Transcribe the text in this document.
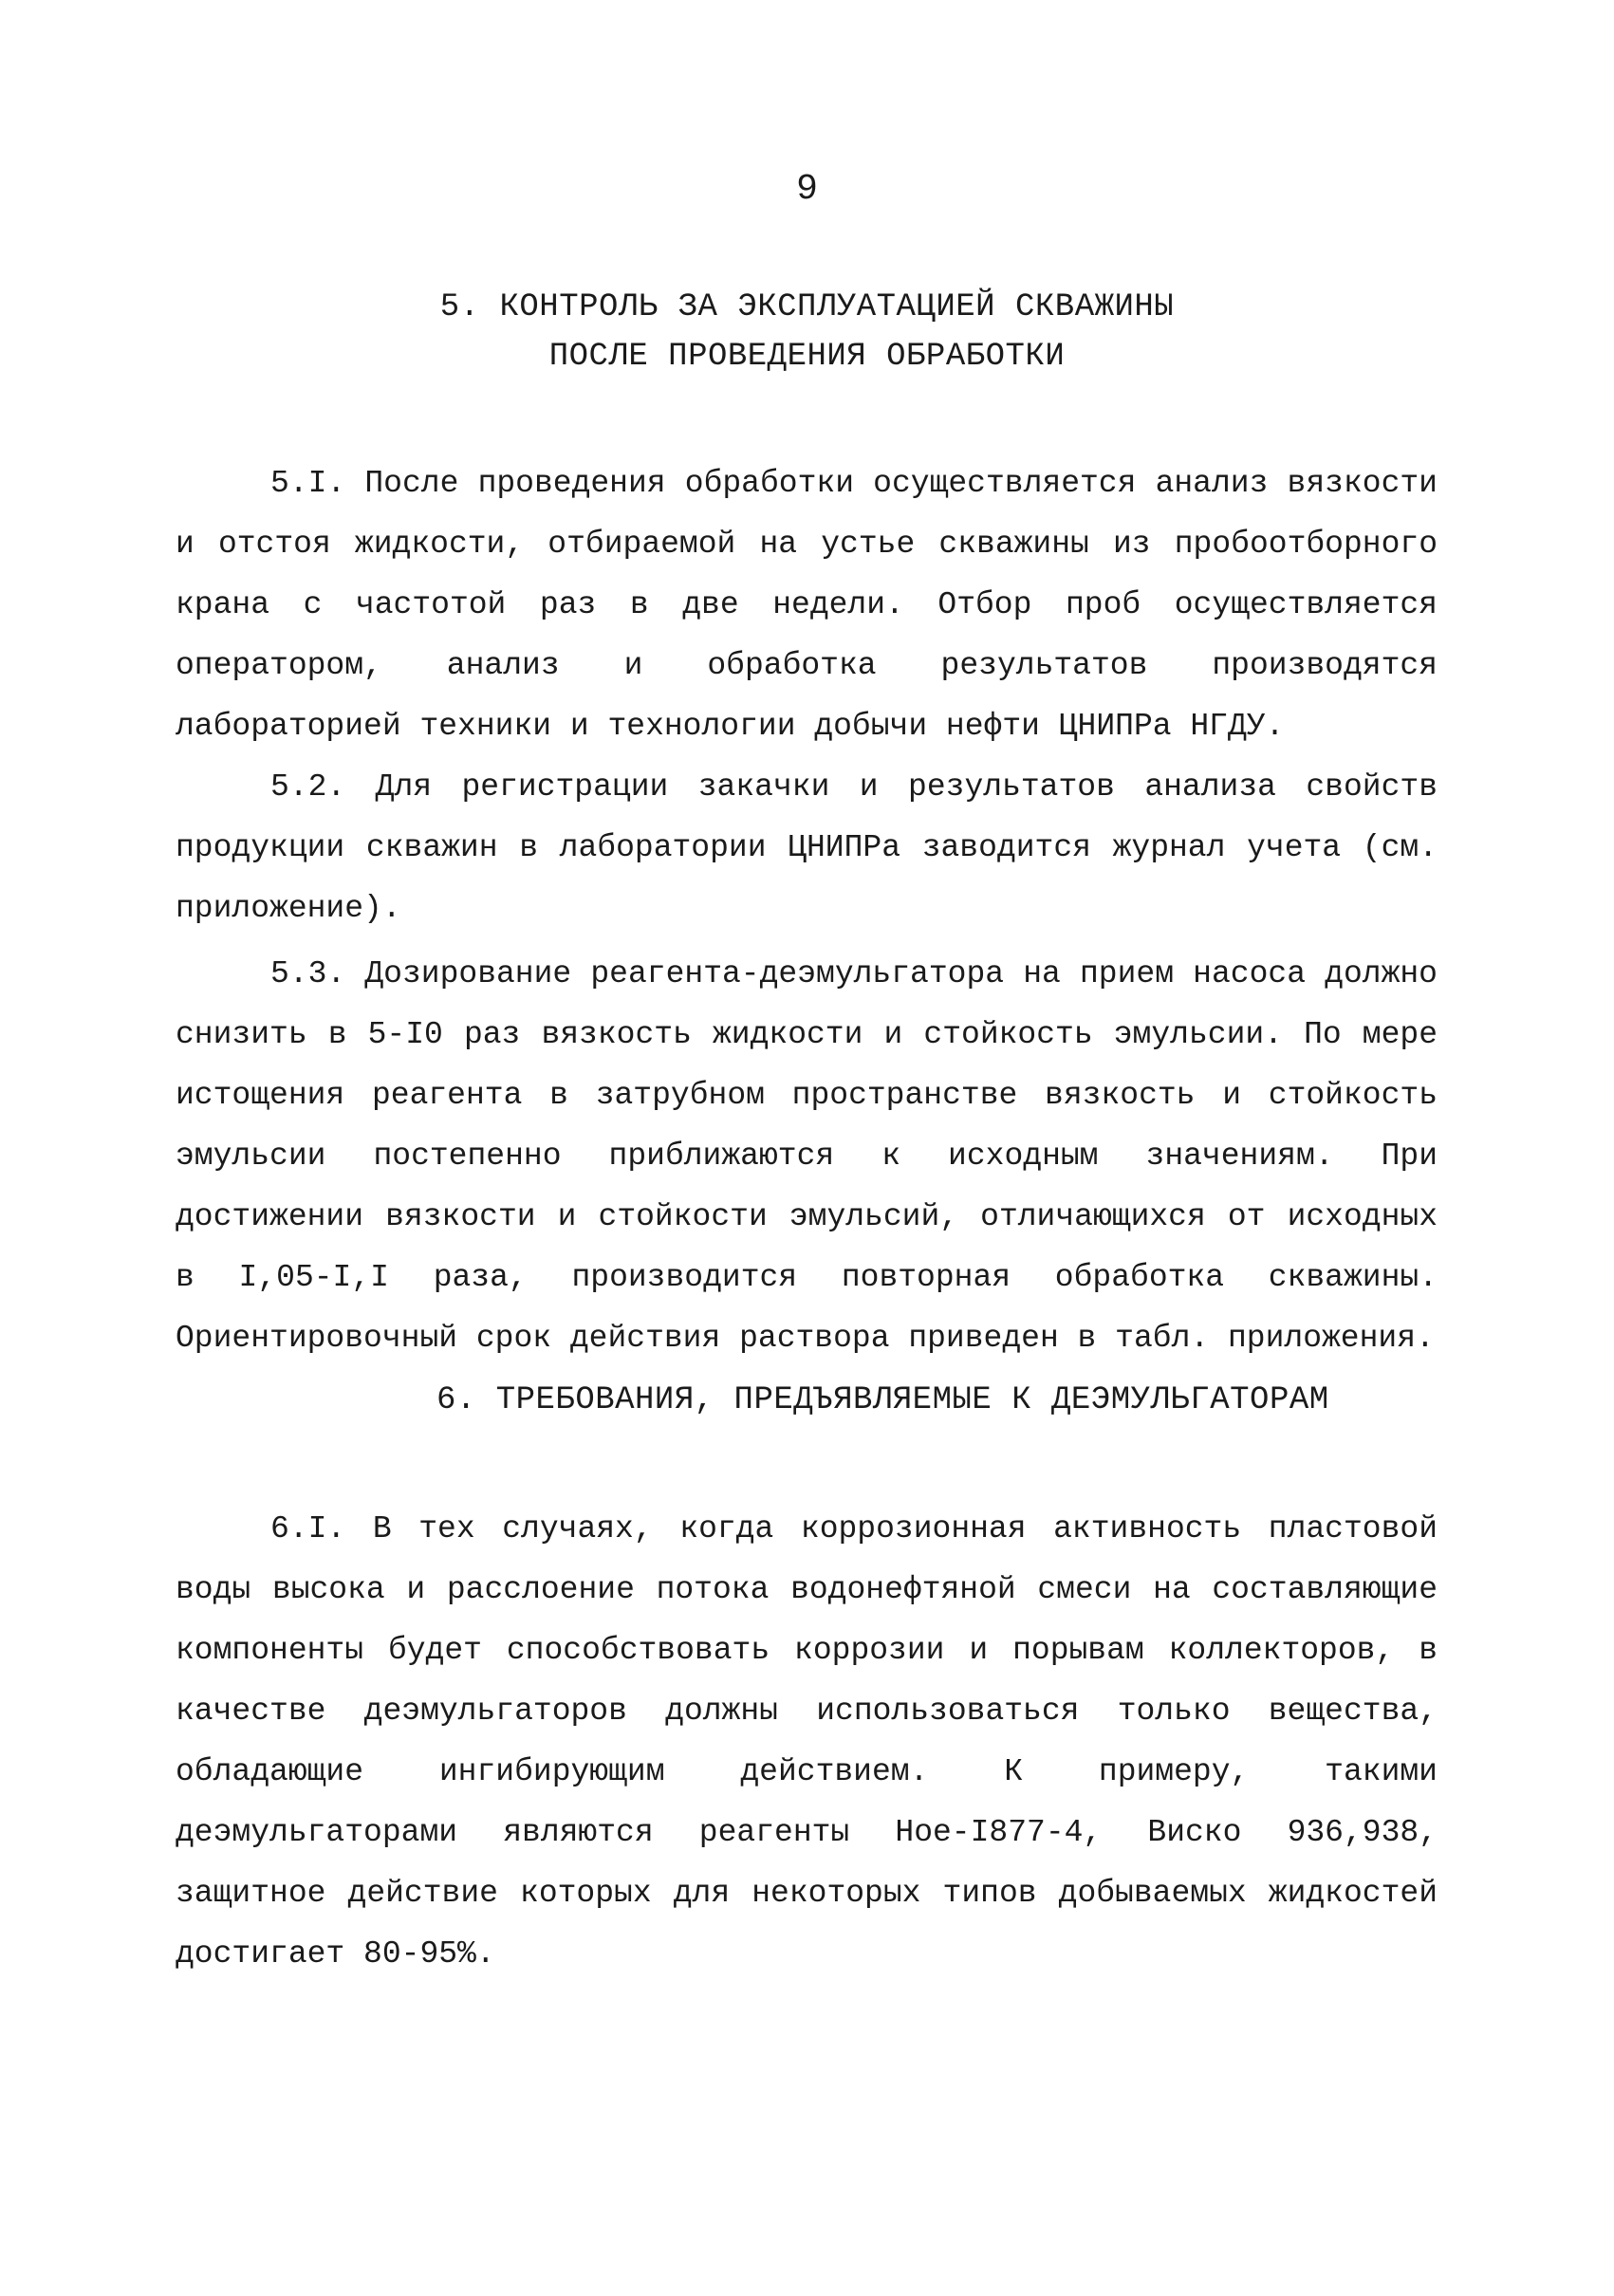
9
5. КОНТРОЛЬ ЗА ЭКСПЛУАТАЦИЕЙ СКВАЖИНЫ
ПОСЛЕ ПРОВЕДЕНИЯ ОБРАБОТКИ
5.I. После проведения обработки осуществляется анализ вязкости и отстоя жидкости, отбираемой на устье скважины из пробоотборного крана с частотой раз в две недели. Отбор проб осуществляется оператором, анализ и обработка результатов производятся лабораторией техники и технологии добычи нефти ЦНИПРа НГДУ.
5.2. Для регистрации закачки и результатов анализа свойств продукции скважин в лаборатории ЦНИПРа заводится журнал учета (см. приложение).
5.3. Дозирование реагента-деэмульгатора на прием насоса должно снизить в 5-I0 раз вязкость жидкости и стойкость эмульсии. По мере истощения реагента в затрубном пространстве вязкость и стойкость эмульсии постепенно приближаются к исходным значениям. При достижении вязкости и стойкости эмульсий, отличающихся от исходных в I,05-I,I раза, производится повторная обработка скважины. Ориентировочный срок действия раствора приведен в табл. приложения.
6. ТРЕБОВАНИЯ, ПРЕДЪЯВЛЯЕМЫЕ К ДЕЭМУЛЬГАТОРАМ
6.I. В тех случаях, когда коррозионная активность пластовой воды высока и расслоение потока водонефтяной смеси на составляющие компоненты будет способствовать коррозии и порывам коллекторов, в качестве деэмульгаторов должны использоваться только вещества, обладающие ингибирующим действием. К примеру, такими деэмульгаторами являются реагенты Ное-I877-4, Виско 936,938, защитное действие которых для некоторых типов добываемых жидкостей достигает 80-95%.
